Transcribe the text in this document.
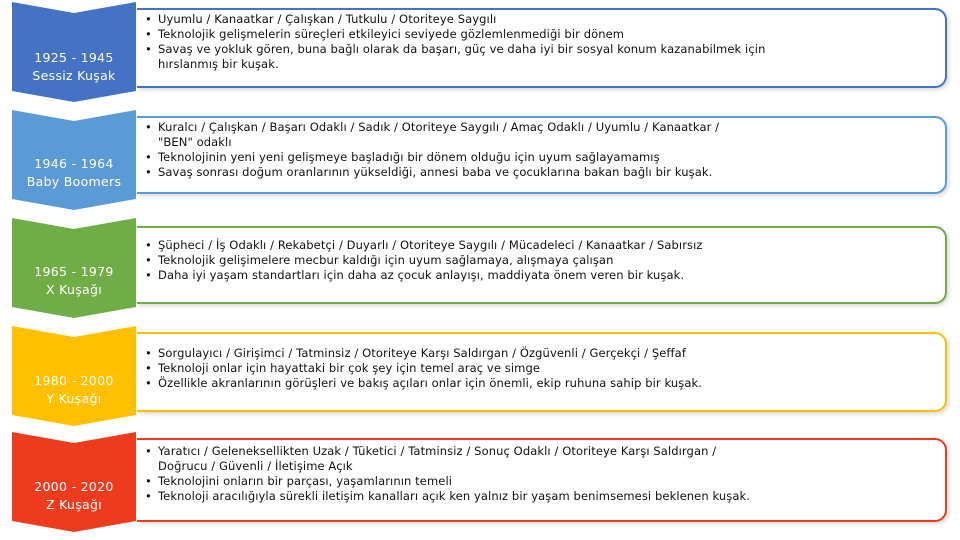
1925 - 1945
Sessiz Kuşak
• Uyumlu / Kanaatkar / Çalışkan / Tutkulu / Otoriteye Saygılı
• Teknolojik gelişmelerin süreçleri etkileyici seviyede gözlemlenmediği bir dönem
• Savaş ve yokluk gören, buna bağlı olarak da başarı, güç ve daha iyi bir sosyal konum kazanabilmek için
hırslanmış bir kuşak.
1946 - 1964
Baby Boomers
• Kuralcı / Çalışkan / Başarı Odaklı / Sadık / Otoriteye Saygılı / Amaç Odaklı / Uyumlu / Kanaatkar /
"BEN" odaklı
• Teknolojinin yeni yeni gelişmeye başladığı bir dönem olduğu için uyum sağlayamamış
• Savaş sonrası doğum oranlarının yükseldiği, annesi baba ve çocuklarına bakan bağlı bir kuşak.
1965 - 1979
X Kuşağı
• Şüpheci / İş Odaklı / Rekabetçi / Duyarlı / Otoriteye Saygılı / Mücadeleci / Kanaatkar / Sabırsız
• Teknolojik gelişimelere mecbur kaldığı için uyum sağlamaya, alışmaya çalışan
• Daha iyi yaşam standartları için daha az çocuk anlayışı, maddiyata önem veren bir kuşak.
1980 - 2000
Y Kuşağı
• Sorgulayıcı / Girişimci / Tatminsiz / Otoriteye Karşı Saldırgan / Özgüvenli / Gerçekçi / Şeffaf
• Teknoloji onlar için hayattaki bir çok şey için temel araç ve simge
• Özellikle akranlarının görüşleri ve bakış açıları onlar için önemli, ekip ruhuna sahip bir kuşak.
2000 - 2020
Z Kuşağı
• Yaratıcı / Geleneksellikten Uzak / Tüketici / Tatminsiz / Sonuç Odaklı / Otoriteye Karşı Saldırgan /
Doğrucu / Güvenli / İletişime Açık
• Teknolojini onların bir parçası, yaşamlarının temeli
• Teknoloji aracılığıyla sürekli iletişim kanalları açık ken yalnız bir yaşam benimsemesi beklenen kuşak.
